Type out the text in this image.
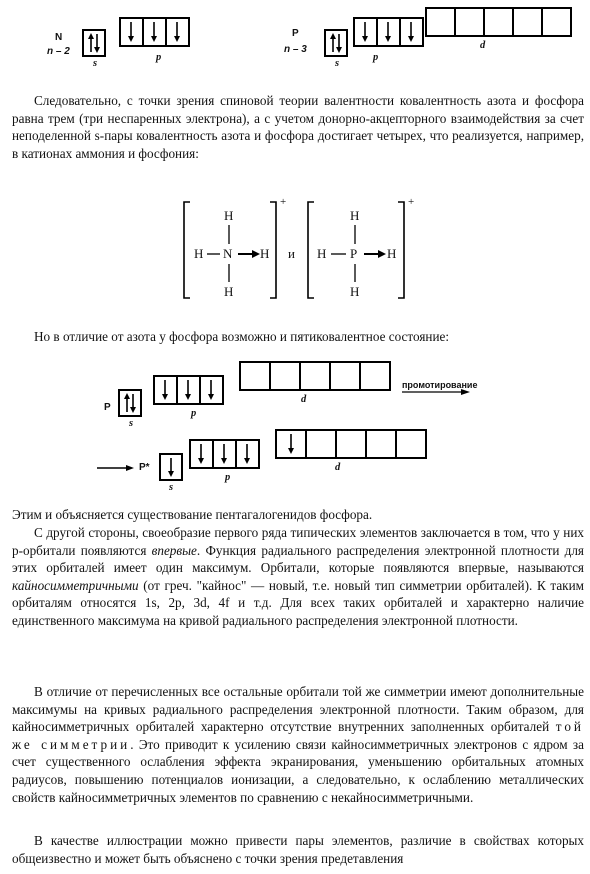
N
n – 2
P
n – 3
s
p
s
p
d

Следовательно, с точки зрения спиновой теории валентности ковалентность азота и фосфора равна трем (три неспаренных электрона), а с учетом донорно-акцепторного взаимодействия за счет неподеленной s-пары ковалентность азота и фосфора достигает четырех, что реализуется, например, в катионах аммония и фосфония:

H
H N H
H
+
и
H
H P H
H
+

Но в отличие от азота у фосфора возможно и пятиковалентное состояние:

P
s
p
d
промотирование
P*
s
p
d

Этим и объясняется существование пентагалогенидов фосфора.

С другой стороны, своеобразие первого ряда типических элементов заключается в том, что у них p-орбитали появляются впервые. Функция радиального распределения электронной плотности для этих орбиталей имеет один максимум. Орбитали, которые появляются впервые, называются кайносимметричными (от греч. "кайнос" — новый, т.е. новый тип симметрии орбиталей). К таким орбиталям относятся 1s, 2p, 3d, 4f и т.д. Для всех таких орбиталей и характерно наличие единственного максимума на кривой радиального распределения электронной плотности.

В отличие от перечисленных все остальные орбитали той же симметрии имеют дополнительные максимумы на кривых радиального распределения электронной плотности. Таким образом, для кайносимметричных орбиталей характерно отсутствие внутренних заполненных орбиталей той же симметрии. Это приводит к усилению связи кайносимметричных электронов с ядром за счет существенного ослабления эффекта экранирования, уменьшению орбитальных атомных радиусов, повышению потенциалов ионизации, а следовательно, к ослаблению металлических свойств кайносимметричных элементов по сравнению с некайносимметричными.

В качестве иллюстрации можно привести пары элементов, различие в свойствах которых общеизвестно и может быть объяснено с точки зрения предетавления
